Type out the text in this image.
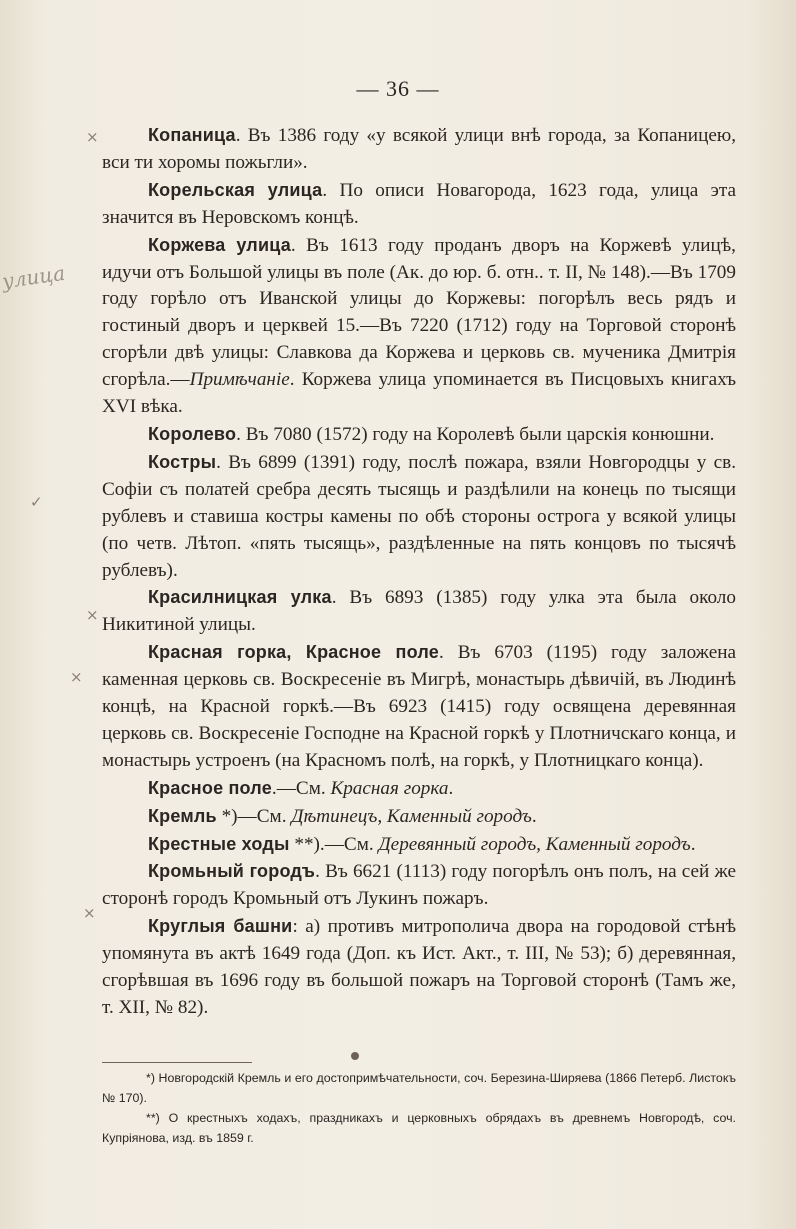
— 36 —
улица
×
✓
×
×
×

Копаница. Въ 1386 году «у всякой улици внѣ города, за Копаницею, вси ти хоромы пожьгли».

Корельская улица. По описи Новагорода, 1623 года, улица эта значится въ Неровскомъ концѣ.

Коржева улица. Въ 1613 году проданъ дворъ на Коржевѣ улицѣ, идучи отъ Большой улицы въ поле (Ак. до юр. б. отн.. т. II, № 148).—Въ 1709 году горѣло отъ Иванской улицы до Коржевы: погорѣлъ весь рядъ и гостиный дворъ и церквей 15.—Въ 7220 (1712) году на Торговой сторонѣ сгорѣли двѣ улицы: Славкова да Коржева и церковь св. мученика Дмитрія сгорѣла.—Примѣчаніе. Коржева улица упоминается въ Писцовыхъ книгахъ XVI вѣка.

Королево. Въ 7080 (1572) году на Королевѣ были царскія конюшни.

Костры. Въ 6899 (1391) году, послѣ пожара, взяли Новгородцы у св. Софіи съ полатей сребра десять тысящь и раздѣлили на конець по тысящи рублевъ и ставиша костры камены по обѣ стороны острога у всякой улицы (по четв. Лѣтоп. «пять тысящь», раздѣленные на пять концовъ по тысячѣ рублевъ).

Красилницкая улка. Въ 6893 (1385) году улка эта была около Никитиной улицы.

Красная горка, Красное поле. Въ 6703 (1195) году заложена каменная церковь св. Воскресеніе въ Мигрѣ, монастырь дѣвичій, въ Людинѣ концѣ, на Красной горкѣ.—Въ 6923 (1415) году освящена деревянная церковь св. Воскресеніе Господне на Красной горкѣ у Плотничскаго конца, и монастырь устроенъ (на Красномъ полѣ, на горкѣ, у Плотницкаго конца).

Красное поле.—См. Красная горка.

Кремль *)—См. Дѣтинецъ, Каменный городъ.

Крестные ходы **).—См. Деревянный городъ, Каменный городъ.

Кромьный городъ. Въ 6621 (1113) году погорѣлъ онъ полъ, на сей же сторонѣ городъ Кромьный отъ Лукинъ пожаръ.

Круглыя башни: а) противъ митрополича двора на городовой стѣнѣ упомянута въ актѣ 1649 года (Доп. къ Ист. Акт., т. III, № 53); б) деревянная, сгорѣвшая въ 1696 году въ большой пожаръ на Торговой сторонѣ (Тамъ же, т. XII, № 82).

*) Новгородскій Кремль и его достопримѣчательности, соч. Березина-Ширяева (1866 Петерб. Листокъ № 170).

**) О крестныхъ ходахъ, праздникахъ и церковныхъ обрядахъ въ древнемъ Новгородѣ, соч. Купріянова, изд. въ 1859 г.
